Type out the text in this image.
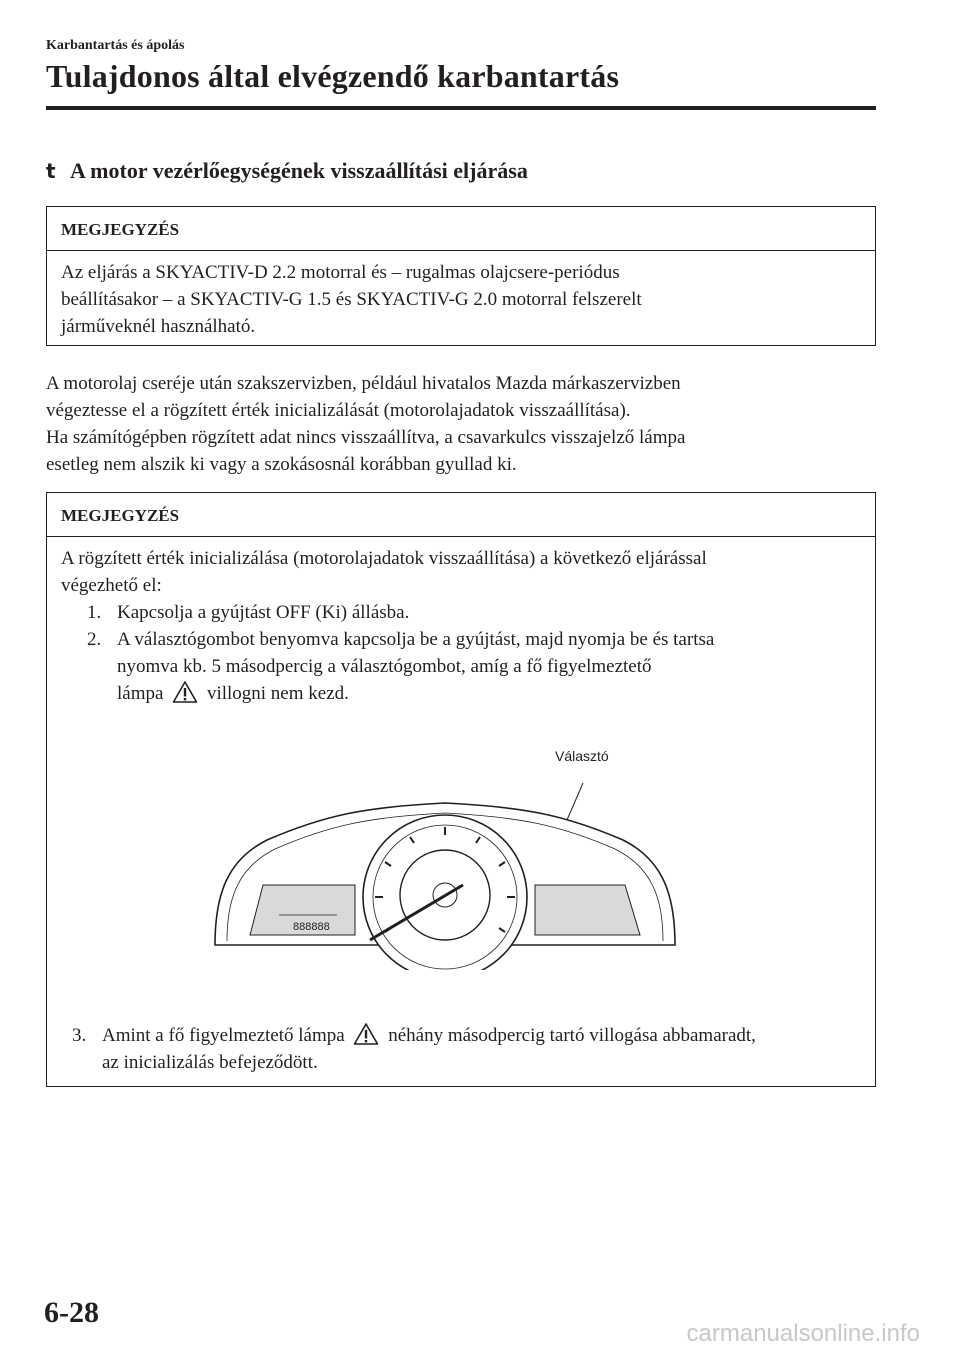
Karbantartás és ápolás
Tulajdonos által elvégzendő karbantartás
t A motor vezérlőegységének visszaállítási eljárása
MEGJEGYZÉS
Az eljárás a SKYACTIV-D 2.2 motorral és – rugalmas olajcsere-periódus
beállításakor – a SKYACTIV-G 1.5 és SKYACTIV-G 2.0 motorral felszerelt
járműveknél használható.
A motorolaj cseréje után szakszervizben, például hivatalos Mazda márkaszervizben
végeztesse el a rögzített érték inicializálását (motorolajadatok visszaállítása).
Ha számítógépben rögzített adat nincs visszaállítva, a csavarkulcs visszajelző lámpa
esetleg nem alszik ki vagy a szokásosnál korábban gyullad ki.
MEGJEGYZÉS
A rögzített érték inicializálása (motorolajadatok visszaállítása) a következő eljárással
végezhető el:
1. Kapcsolja a gyújtást OFF (Ki) állásba.
2. A választógombot benyomva kapcsolja be a gyújtást, majd nyomja be és tartsa
nyomva kb. 5 másodpercig a választógombot, amíg a fő figyelmeztető
lámpa villogni nem kezd.
Választó
888888
3. Amint a fő figyelmeztető lámpa néhány másodpercig tartó villogása abbamaradt,
az inicializálás befejeződött.
6-28
carmanualsonline.info
